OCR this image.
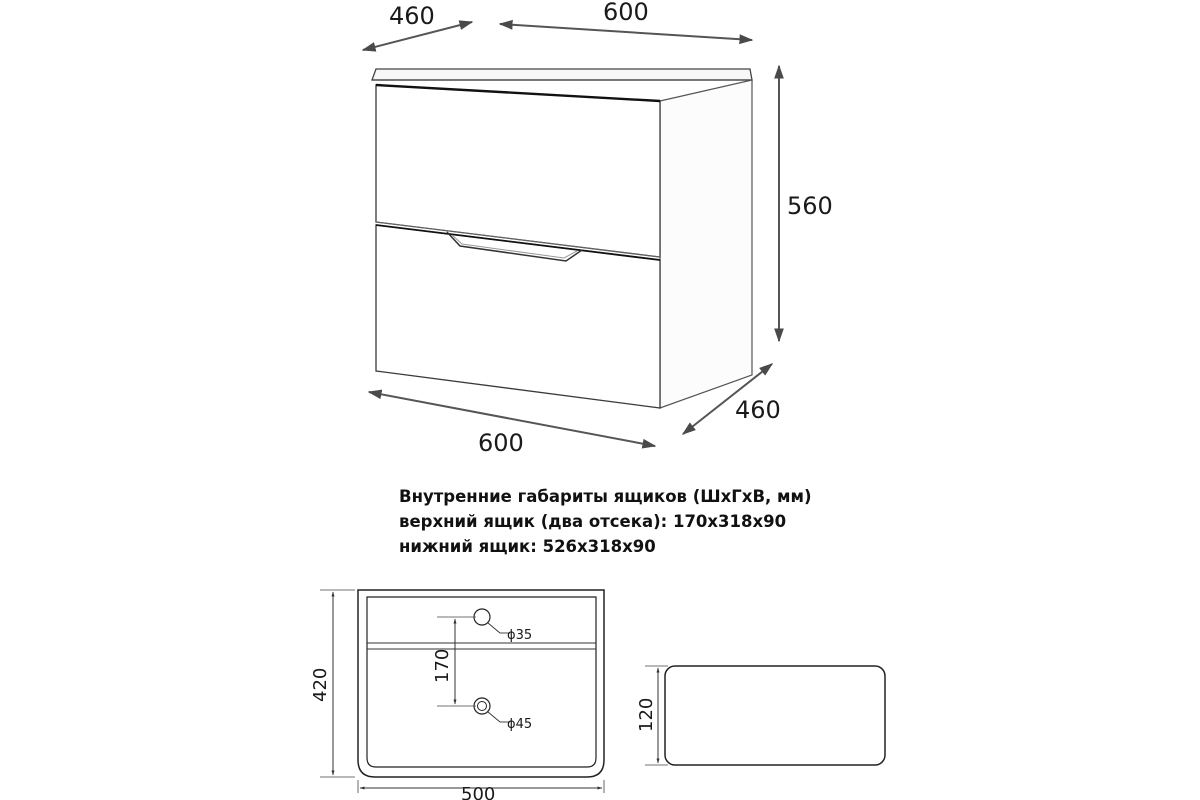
460	600
560
600
460
ϕ35
ϕ45
170
420
500
120
Внутренние габариты ящиков (ШхГхВ, мм)
верхний ящик (два отсека): 170х318х90
нижний ящик: 526х318х90
